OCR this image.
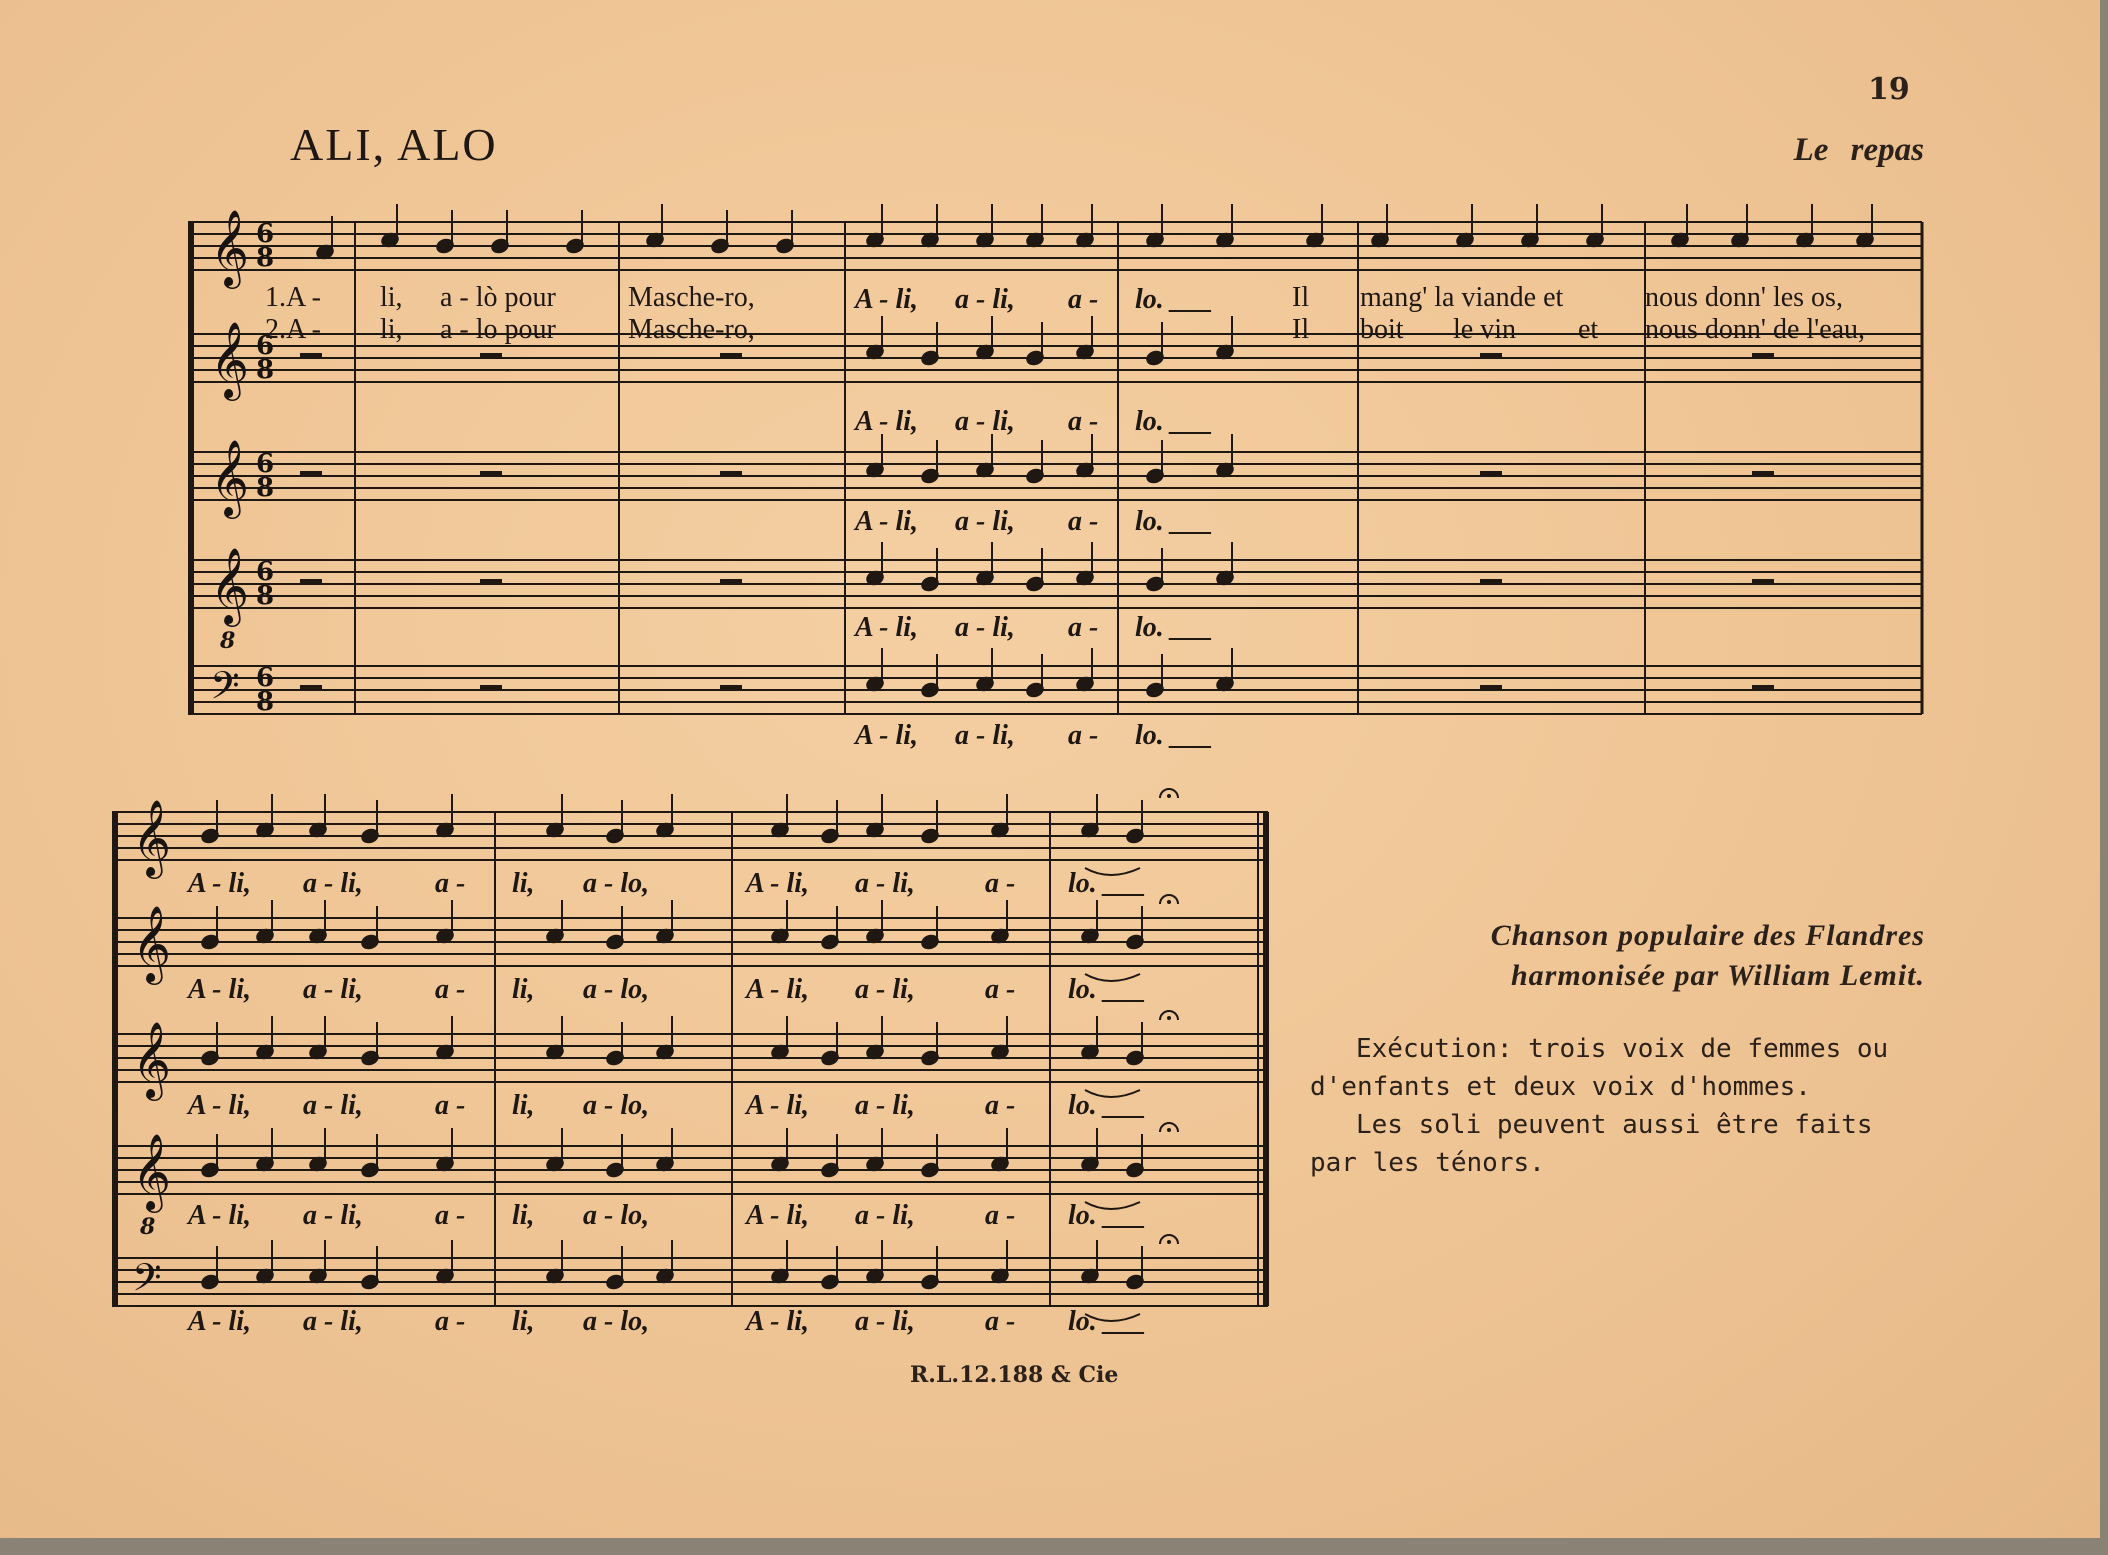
19
ALI, ALO	Le repas
𝄞 6
8
𝄞 6
8
𝄞 6
8
𝄞 6
8
8
𝄢 6
8
1.A - li, a - lò pour	Masche-ro,	Il mang' la viande et	nous donn' les os,
2.A - li, a - lo pour	Masche-ro,	Il boit le vin et nous donn' de l'eau,
A - li, a - li, a - lo. ___
A - li, a - li, a - lo. ___
A - li, a - li, a - lo. ___
A - li, a - li, a - lo. ___
A - li, a - li, a - lo. ___
𝄞
𝄞
𝄞
𝄞
8
𝄢
A - li, a - li,	a - li, a - lo,	A - li, a - li,	a - lo. ___
A - li, a - li,	a - li, a - lo,	A - li, a - li,	a - lo. ___
A - li, a - li,	a - li, a - lo,	A - li, a - li,	a - lo. ___
A - li, a - li,	a - li, a - lo,	A - li, a - li,	a - lo. ___
A - li, a - li,	a - li, a - lo,	A - li, a - li,	a - lo. ___
Chanson populaire des Flandres
harmonisée par William Lemit.

Exécution: trois voix de femmes ou d'enfants et deux voix d'hommes.

Les soli peuvent aussi être faits par les ténors.

R.L.12.188 & Cie
